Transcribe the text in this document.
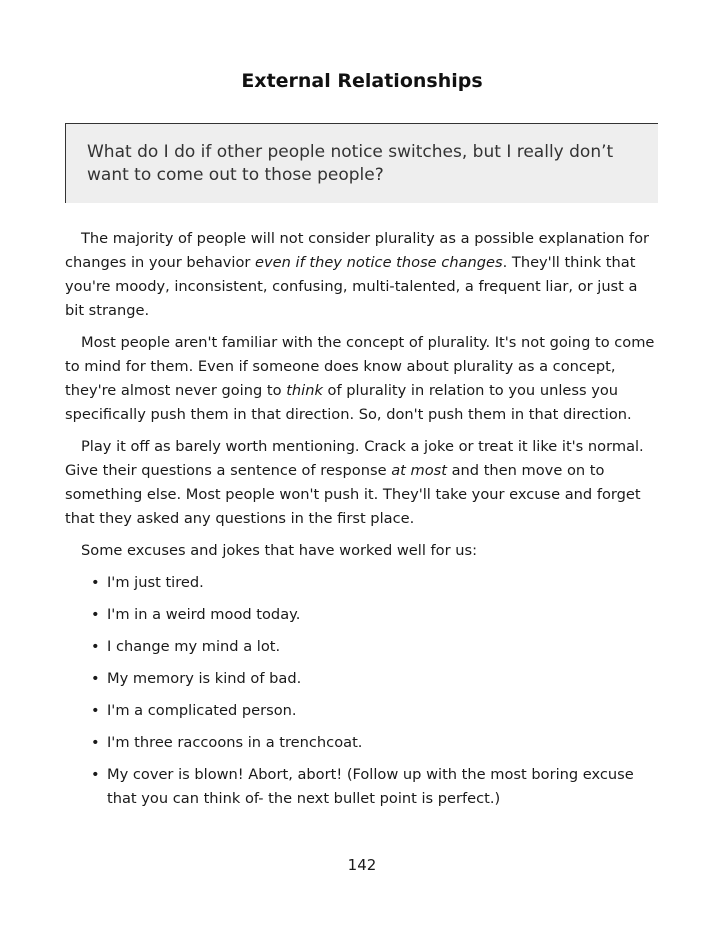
External Relationships
What do I do if other people notice switches, but I really don’t want to come out to those people?

The majority of people will not consider plurality as a possible explanation for changes in your behavior even if they notice those changes. They'll think that you're moody, inconsistent, confusing, multi-talented, a frequent liar, or just a bit strange.

Most people aren't familiar with the concept of plurality. It's not going to come to mind for them. Even if someone does know about plurality as a concept, they're almost never going to think of plurality in relation to you unless you specifically push them in that direction. So, don't push them in that direction.

Play it off as barely worth mentioning. Crack a joke or treat it like it's normal. Give their questions a sentence of response at most and then move on to something else. Most people won't push it. They'll take your excuse and forget that they asked any questions in the first place.

Some excuses and jokes that have worked well for us:

• I'm just tired.
• I'm in a weird mood today.
• I change my mind a lot.
• My memory is kind of bad.
• I'm a complicated person.
• I'm three raccoons in a trenchcoat.
• My cover is blown! Abort, abort! (Follow up with the most boring excuse that you can think of- the next bullet point is perfect.)
142
